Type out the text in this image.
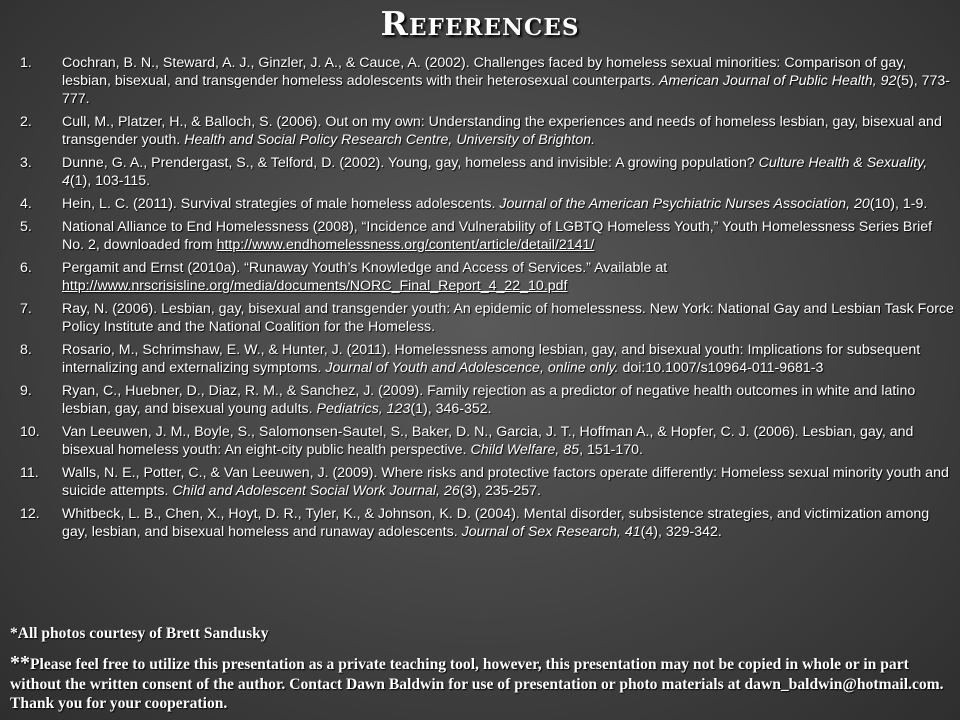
References
1.	Cochran, B. N., Steward, A. J., Ginzler, J. A., & Cauce, A. (2002). Challenges faced by homeless sexual minorities: Comparison of gay, lesbian, bisexual, and transgender homeless adolescents with their heterosexual counterparts. American Journal of Public Health, 92(5), 773-777.
2.	Cull, M., Platzer, H., & Balloch, S. (2006). Out on my own: Understanding the experiences and needs of homeless lesbian, gay, bisexual and transgender youth. Health and Social Policy Research Centre, University of Brighton.
3.	Dunne, G. A., Prendergast, S., & Telford, D. (2002). Young, gay, homeless and invisible: A growing population? Culture Health & Sexuality, 4(1), 103-115.
4.	Hein, L. C. (2011). Survival strategies of male homeless adolescents. Journal of the American Psychiatric Nurses Association, 20(10), 1-9.
5.	National Alliance to End Homelessness (2008), “Incidence and Vulnerability of LGBTQ Homeless Youth,” Youth Homelessness Series Brief No. 2, downloaded from http://www.endhomelessness.org/content/article/detail/2141/
6.	Pergamit and Ernst (2010a). “Runaway Youth’s Knowledge and Access of Services.” Available at http://www.nrscrisisline.org/media/documents/NORC_Final_Report_4_22_10.pdf
7.	Ray, N. (2006). Lesbian, gay, bisexual and transgender youth: An epidemic of homelessness. New York: National Gay and Lesbian Task Force Policy Institute and the National Coalition for the Homeless.
8.	Rosario, M., Schrimshaw, E. W., & Hunter, J. (2011). Homelessness among lesbian, gay, and bisexual youth: Implications for subsequent internalizing and externalizing symptoms. Journal of Youth and Adolescence, online only. doi:10.1007/s10964-011-9681-3
9.	Ryan, C., Huebner, D., Diaz, R. M., & Sanchez, J. (2009). Family rejection as a predictor of negative health outcomes in white and latino lesbian, gay, and bisexual young adults. Pediatrics, 123(1), 346-352.
10.	Van Leeuwen, J. M., Boyle, S., Salomonsen-Sautel, S., Baker, D. N., Garcia, J. T., Hoffman A., & Hopfer, C. J. (2006). Lesbian, gay, and bisexual homeless youth: An eight-city public health perspective. Child Welfare, 85, 151-170.
11.	Walls, N. E., Potter, C., & Van Leeuwen, J. (2009). Where risks and protective factors operate differently: Homeless sexual minority youth and suicide attempts. Child and Adolescent Social Work Journal, 26(3), 235-257.
12.	Whitbeck, L. B., Chen, X., Hoyt, D. R., Tyler, K., & Johnson, K. D. (2004). Mental disorder, subsistence strategies, and victimization among gay, lesbian, and bisexual homeless and runaway adolescents. Journal of Sex Research, 41(4), 329-342.
*All photos courtesy of Brett Sandusky
**Please feel free to utilize this presentation as a private teaching tool, however, this presentation may not be copied in whole or in part without the written consent of the author. Contact Dawn Baldwin for use of presentation or photo materials at dawn_baldwin@hotmail.com. Thank you for your cooperation.
